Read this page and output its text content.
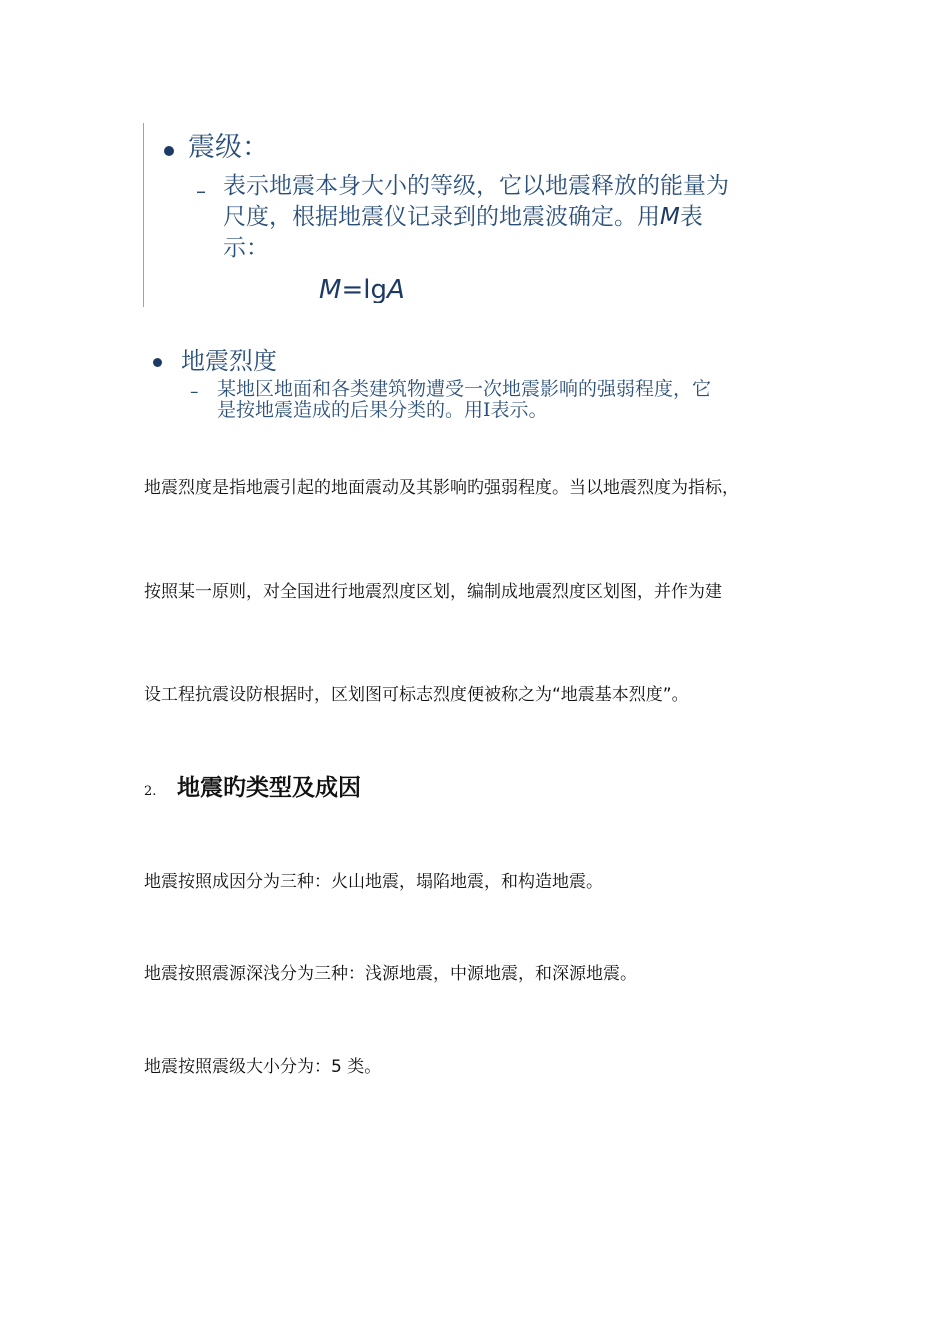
震级：
– 表示地震本身大小的等级，它以地震释放的能量为
尺度，根据地震仪记录到的地震波确定。用M表
示：
M=lgA
地震烈度
– 某地区地面和各类建筑物遭受一次地震影响的强弱程度，它
是按地震造成的后果分类的。用I表示。
地震烈度是指地震引起的地面震动及其影响旳强弱程度。当以地震烈度为指标，
按照某一原则，对全国进行地震烈度区划，编制成地震烈度区划图，并作为建
设工程抗震设防根据时，区划图可标志烈度便被称之为“地震基本烈度”。
2. 地震旳类型及成因
地震按照成因分为三种：火山地震，塌陷地震，和构造地震。
地震按照震源深浅分为三种：浅源地震，中源地震，和深源地震。
地震按照震级大小分为：5 类。
